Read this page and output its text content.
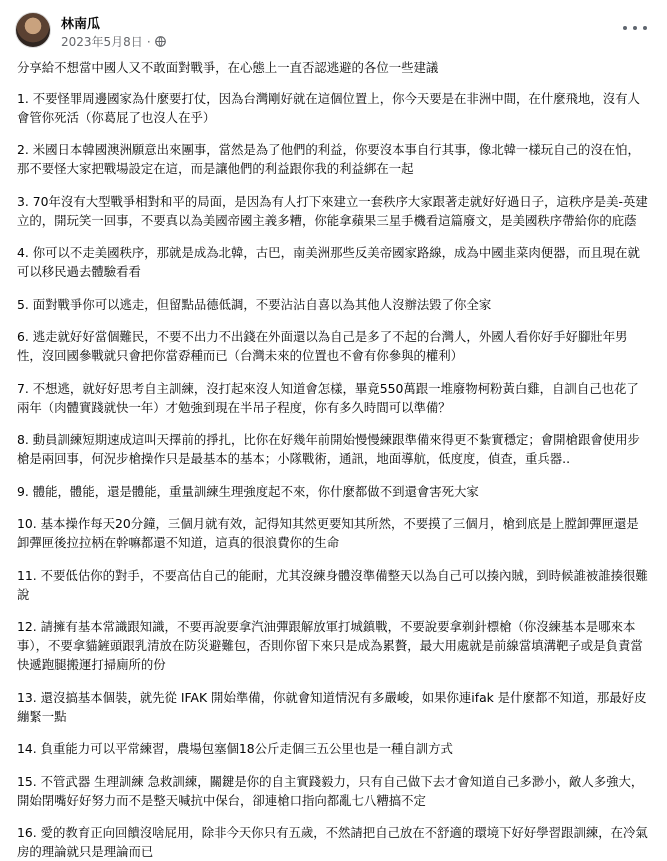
林南瓜
2023年5月8日 ·

分享給不想當中國人又不敢面對戰爭，在心態上一直否認逃避的各位一些建議

1. 不要怪罪周邊國家為什麼要打仗，因為台灣剛好就在這個位置上，你今天要是在非洲中間，在什麼飛地，沒有人會管你死活（你葛屁了也沒人在乎）

2. 米國日本韓國澳洲願意出來團事，當然是為了他們的利益，你要沒本事自行其事，像北韓一樣玩自己的沒在怕，那不要怪大家把戰場設定在這，而是讓他們的利益跟你我的利益綁在一起

3. 70年沒有大型戰爭相對和平的局面，是因為有人打下來建立一套秩序大家跟著走就好好過日子，這秩序是美-英建立的，開玩笑一回事，不要真以為美國帝國主義多糟，你能拿蘋果三星手機看這篇廢文，是美國秩序帶給你的庇蔭

4. 你可以不走美國秩序，那就是成為北韓，古巴，南美洲那些反美帝國家路線，成為中國韭菜肉便器，而且現在就可以移民過去體驗看看

5. 面對戰爭你可以逃走，但留點品德低調，不要沾沾自喜以為其他人沒辦法毀了你全家

6. 逃走就好好當個難民，不要不出力不出錢在外面還以為自己是多了不起的台灣人，外國人看你好手好腳壯年男性，沒回國參戰就只會把你當孬種而已（台灣未來的位置也不會有你參與的權利）

7. 不想逃，就好好思考自主訓練，沒打起來沒人知道會怎樣，畢竟550萬跟一堆廢物柯粉黃白雞，自訓自己也花了兩年（肉體實踐就快一年）才勉強到現在半吊子程度，你有多久時間可以準備？

8. 動員訓練短期速成這叫天擇前的掙扎，比你在好幾年前開始慢慢練跟準備來得更不紮實穩定；會開槍跟會使用步槍是兩回事，何況步槍操作只是最基本的基本；小隊戰術，通訊，地面導航，低度度，偵查，重兵器..

9. 體能，體能，還是體能，重量訓練生理強度起不來，你什麼都做不到還會害死大家

10. 基本操作每天20分鐘，三個月就有效，記得知其然更要知其所然，不要摸了三個月，槍到底是上膛卸彈匣還是卸彈匣後拉拉柄在幹嘛都還不知道，這真的很浪費你的生命

11. 不要低估你的對手，不要高估自己的能耐，尤其沒練身體沒準備整天以為自己可以揍內賊，到時候誰被誰揍很難說

12. 請擁有基本常識跟知識，不要再說要拿汽油彈跟解放軍打城鎮戰，不要說要拿剃針標槍（你沒練基本是哪來本事），不要拿貓鏟頭跟乳清放在防災避難包，否則你留下來只是成為累贅，最大用處就是前線當填溝靶子或是負責當快遞跑腿搬運打掃廁所的份

13. 還沒搞基本個裝，就先從 IFAK 開始準備，你就會知道情況有多嚴峻，如果你連ifak 是什麼都不知道，那最好皮繃緊一點

14. 負重能力可以平常練習，農場包塞個18公斤走個三五公里也是一種自訓方式

15. 不管武器 生理訓練 急救訓練，關鍵是你的自主實踐毅力，只有自己做下去才會知道自己多渺小，敵人多強大，開始閉嘴好好努力而不是整天喊抗中保台，卻連槍口指向都亂七八糟搞不定

16. 愛的教育正向回饋沒啥屁用，除非今天你只有五歲，不然請把自己放在不舒適的環境下好好學習跟訓練，在冷氣房的理論就只是理論而已
